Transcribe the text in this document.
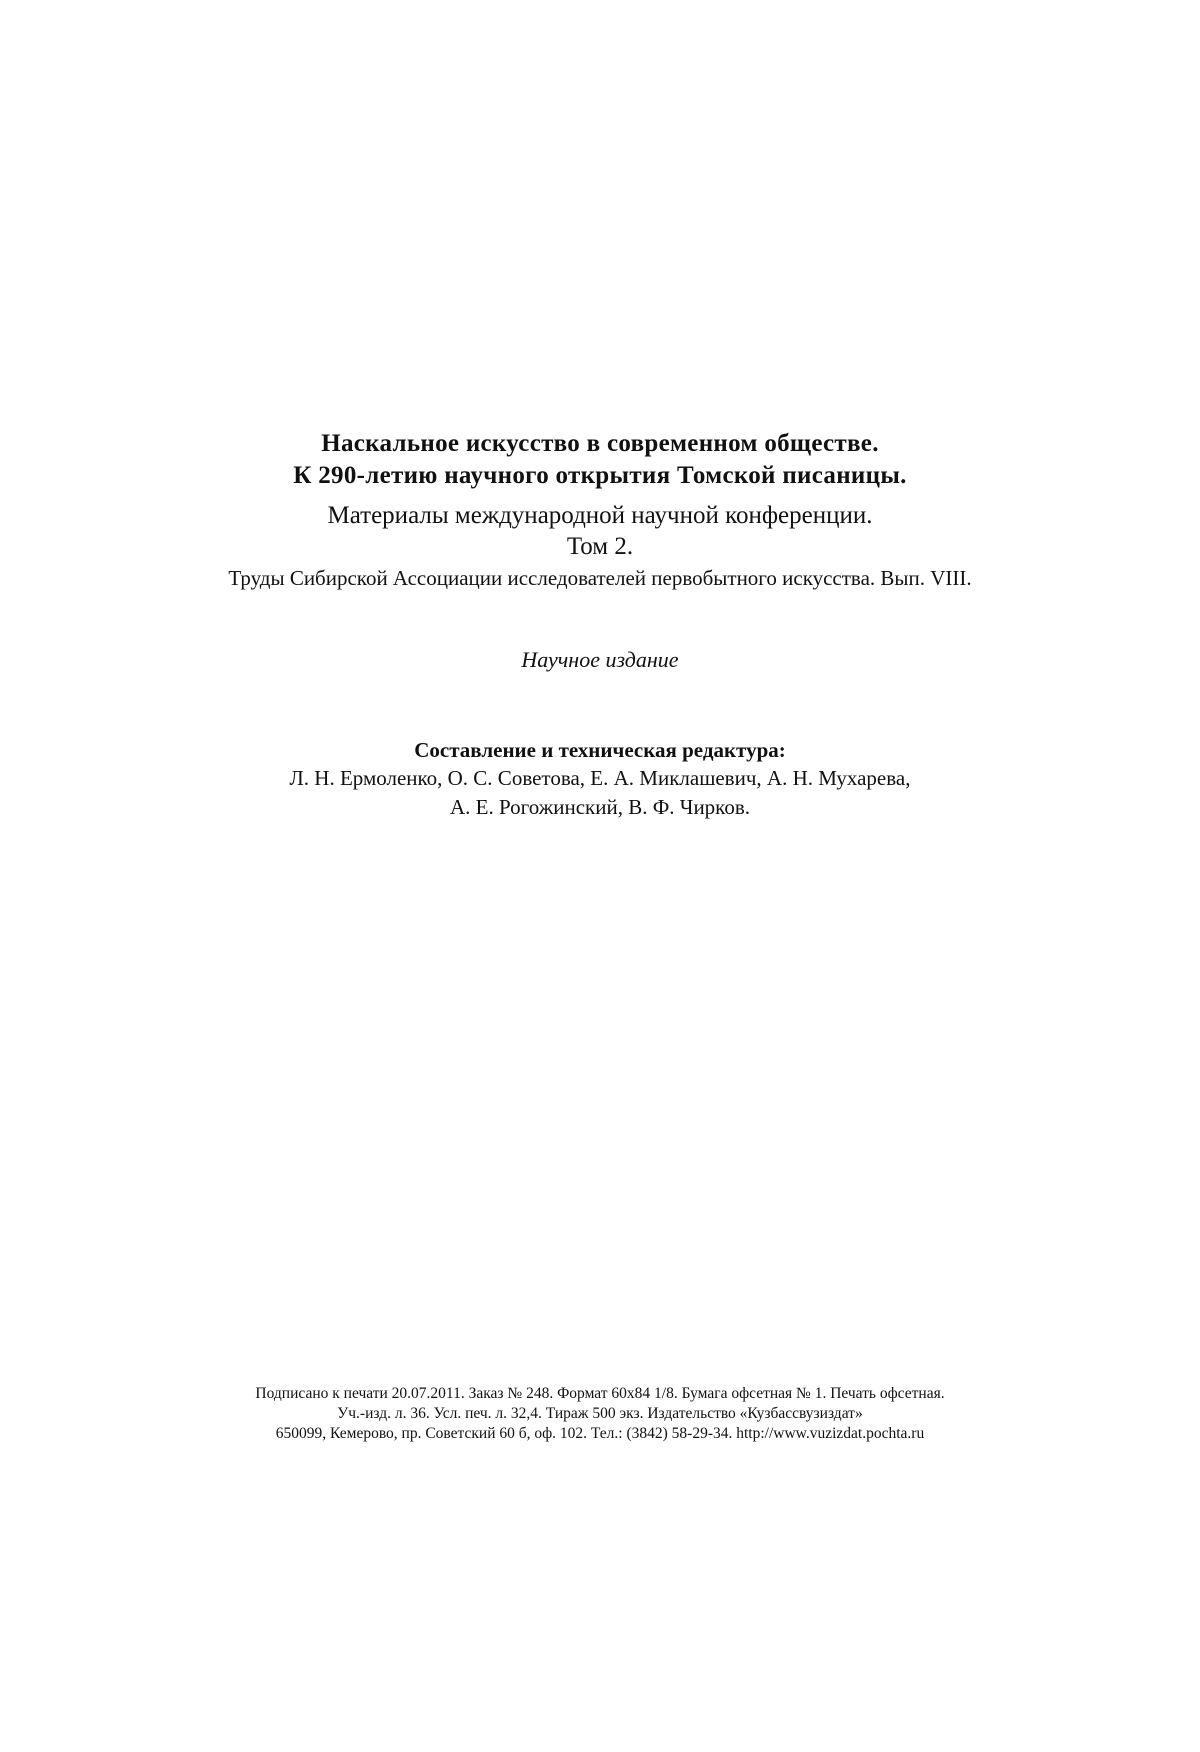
Наскальное искусство в современном обществе.
К 290-летию научного открытия Томской писаницы.
Материалы международной научной конференции.
Том 2.
Труды Сибирской Ассоциации исследователей первобытного искусства. Вып. VIII.
Научное издание
Составление и техническая редактура:
Л. Н. Ермоленко, О. С. Советова, Е. А. Миклашевич, А. Н. Мухарева,
А. Е. Рогожинский, В. Ф. Чирков.
Подписано к печати 20.07.2011. Заказ № 248. Формат 60х84 1/8. Бумага офсетная № 1. Печать офсетная.
Уч.-изд. л. 36. Усл. печ. л. 32,4. Тираж 500 экз. Издательство «Кузбассвузиздат»
650099, Кемерово, пр. Советский 60 б, оф. 102. Тел.: (3842) 58-29-34. http://www.vuzizdat.pochta.ru
